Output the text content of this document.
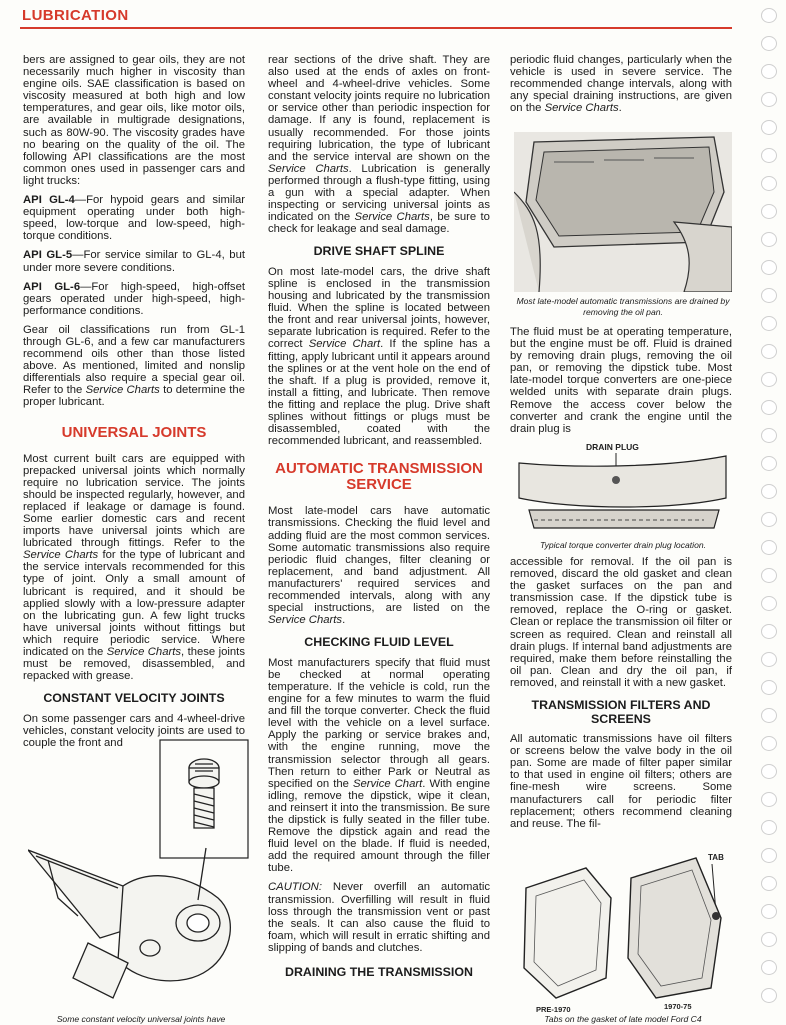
LUBRICATION

bers are assigned to gear oils, they are not necessarily much higher in viscosity than engine oils. SAE classification is based on viscosity measured at both high and low temperatures, and gear oils, like motor oils, are available in multigrade designations, such as 80W-90. The viscosity grades have no bearing on the quality of the oil. The following API classifications are the most common ones used in passenger cars and light trucks:

API GL-4—For hypoid gears and similar equipment operating under both high-speed, low-torque and low-speed, high-torque conditions.

API GL-5—For service similar to GL-4, but under more severe conditions.

API GL-6—For high-speed, high-offset gears operated under high-speed, high-performance conditions.

Gear oil classifications run from GL-1 through GL-6, and a few car manufacturers recommend oils other than those listed above. As mentioned, limited and nonslip differentials also require a special gear oil. Refer to the Service Charts to determine the proper lubricant.

UNIVERSAL JOINTS

Most current built cars are equipped with prepacked universal joints which normally require no lubrication service. The joints should be inspected regularly, however, and replaced if leakage or damage is found. Some earlier domestic cars and recent imports have universal joints which are lubricated through fittings. Refer to the Service Charts for the type of lubricant and the service intervals recommended for this type of joint. Only a small amount of lubricant is required, and it should be applied slowly with a low-pressure adapter on the lubricating gun. A few light trucks have universal joints without fittings but which require periodic service. Where indicated on the Service Charts, these joints must be removed, disassembled, and repacked with grease.

CONSTANT VELOCITY JOINTS

On some passenger cars and 4-wheel-drive vehicles, constant velocity joints are used to couple the front and

Some constant velocity universal joints have

rear sections of the drive shaft. They are also used at the ends of axles on front-wheel and 4-wheel-drive vehicles. Some constant velocity joints require no lubrication or service other than periodic inspection for damage. If any is found, replacement is usually recommended. For those joints requiring lubrication, the type of lubricant and the service interval are shown on the Service Charts. Lubrication is generally performed through a flush-type fitting, using a gun with a special adapter. When inspecting or servicing universal joints as indicated on the Service Charts, be sure to check for leakage and seal damage.

DRIVE SHAFT SPLINE

On most late-model cars, the drive shaft spline is enclosed in the transmission housing and lubricated by the transmission fluid. When the spline is located between the front and rear universal joints, however, separate lubrication is required. Refer to the correct Service Chart. If the spline has a fitting, apply lubricant until it appears around the splines or at the vent hole on the end of the shaft. If a plug is provided, remove it, install a fitting, and lubricate. Then remove the fitting and replace the plug. Drive shaft splines without fittings or plugs must be disassembled, coated with the recommended lubricant, and reassembled.

AUTOMATIC TRANSMISSION SERVICE

Most late-model cars have automatic transmissions. Checking the fluid level and adding fluid are the most common services. Some automatic transmissions also require periodic fluid changes, filter cleaning or replacement, and band adjustment. All manufacturers' required services and recommended intervals, along with any special instructions, are listed on the Service Charts.

CHECKING FLUID LEVEL

Most manufacturers specify that fluid must be checked at normal operating temperature. If the vehicle is cold, run the engine for a few minutes to warm the fluid and fill the torque converter. Check the fluid level with the vehicle on a level surface. Apply the parking or service brakes and, with the engine running, move the transmission selector through all gears. Then return to either Park or Neutral as specified on the Service Chart. With engine idling, remove the dipstick, wipe it clean, and reinsert it into the transmission. Be sure the dipstick is fully seated in the filler tube. Remove the dipstick again and read the fluid level on the blade. If fluid is needed, add the required amount through the filler tube.

CAUTION: Never overfill an automatic transmission. Overfilling will result in fluid loss through the transmission vent or past the seals. It can also cause the fluid to foam, which will result in erratic shifting and slipping of bands and clutches.

DRAINING THE TRANSMISSION

periodic fluid changes, particularly when the vehicle is used in severe service. The recommended change intervals, along with any special draining instructions, are given on the Service Charts.

Most late-model automatic transmissions are drained by removing the oil pan.

The fluid must be at operating temperature, but the engine must be off. Fluid is drained by removing drain plugs, removing the oil pan, or removing the dipstick tube. Most late-model torque converters are one-piece welded units with separate drain plugs. Remove the access cover below the converter and crank the engine until the drain plug is

DRAIN PLUG
Typical torque converter drain plug location.

accessible for removal. If the oil pan is removed, discard the old gasket and clean the gasket surfaces on the pan and transmission case. If the dipstick tube is removed, replace the O-ring or gasket. Clean or replace the transmission oil filter or screen as required. Clean and reinstall all drain plugs. If internal band adjustments are required, make them before reinstalling the oil pan. Clean and dry the oil pan, if removed, and reinstall it with a new gasket.

TRANSMISSION FILTERS AND SCREENS

All automatic transmissions have oil filters or screens below the valve body in the oil pan. Some are made of filter paper similar to that used in engine oil filters; others are fine-mesh wire screens. Some manufacturers call for periodic filter replacement; others recommend cleaning and reuse. The fil-

TAB
PRE-1970	1970-75
Tabs on the gasket of late model Ford C4
